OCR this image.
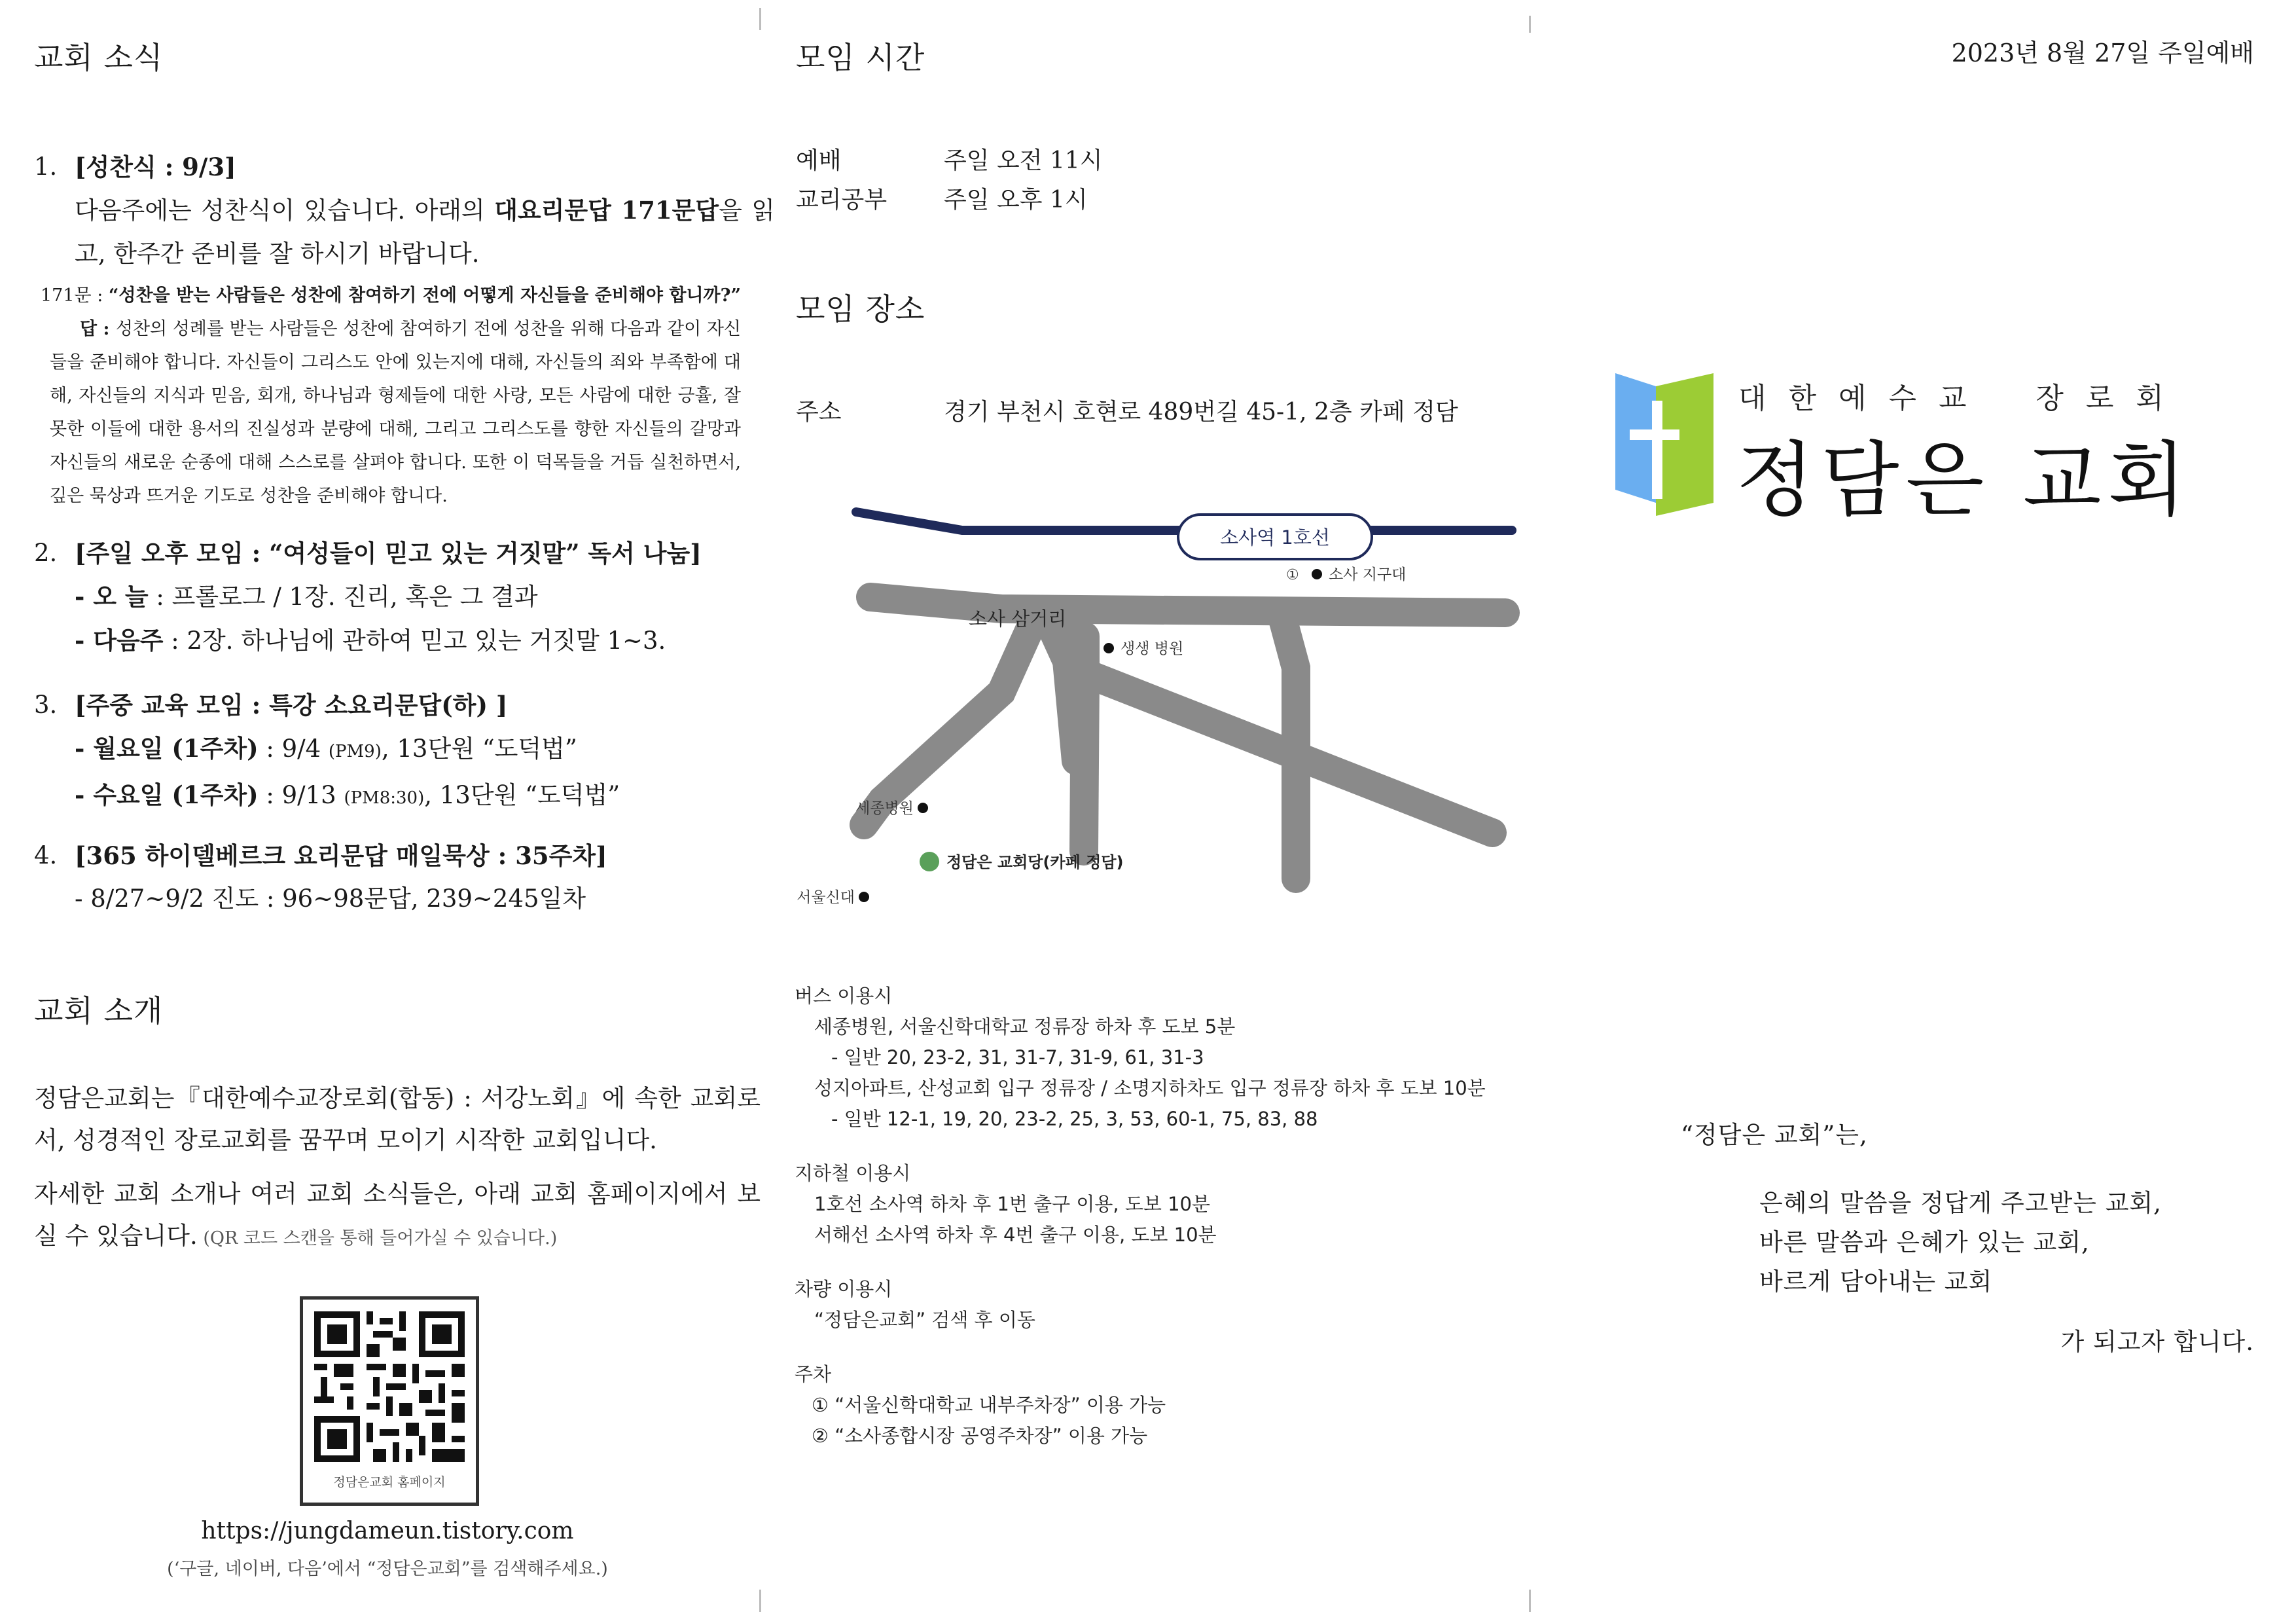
교회 소식
1. [성찬식 : 9/3]
다음주에는 성찬식이 있습니다. 아래의 대요리문답 171문답을 읽고, 한주간 준비를 잘 하시기 바랍니다.
171문 : “성찬을 받는 사람들은 성찬에 참여하기 전에 어떻게 자신들을 준비해야 합니까?”
답 : 성찬의 성례를 받는 사람들은 성찬에 참여하기 전에 성찬을 위해 다음과 같이 자신들을 준비해야 합니다. 자신들이 그리스도 안에 있는지에 대해, 자신들의 죄와 부족함에 대해, 자신들의 지식과 믿음, 회개, 하나님과 형제들에 대한 사랑, 모든 사람에 대한 긍휼, 잘못한 이들에 대한 용서의 진실성과 분량에 대해, 그리고 그리스도를 향한 자신들의 갈망과 자신들의 새로운 순종에 대해 스스로를 살펴야 합니다. 또한 이 덕목들을 거듭 실천하면서, 깊은 묵상과 뜨거운 기도로 성찬을 준비해야 합니다.
2. [주일 오후 모임 : “여성들이 믿고 있는 거짓말” 독서 나눔]
- 오 늘 : 프롤로그 / 1장. 진리, 혹은 그 결과
- 다음주 : 2장. 하나님에 관하여 믿고 있는 거짓말 1~3.
3. [주중 교육 모임 : 특강 소요리문답(하) ]
- 월요일 (1주차) : 9/4 (PM9), 13단원 “도덕법”
- 수요일 (1주차) : 9/13 (PM8:30), 13단원 “도덕법”
4. [365 하이델베르크 요리문답 매일묵상 : 35주차]
- 8/27~9/2 진도 : 96~98문답, 239~245일차
교회 소개
정담은교회는『대한예수교장로회(합동) : 서강노회』에 속한 교회로서, 성경적인 장로교회를 꿈꾸며 모이기 시작한 교회입니다.
자세한 교회 소개나 여러 교회 소식들은, 아래 교회 홈페이지에서 보실 수 있습니다. (QR 코드 스캔을 통해 들어가실 수 있습니다.)
정담은교회 홈페이지
https://jungdameun.tistory.com
(‘구글, 네이버, 다음’에서 “정담은교회”를 검색해주세요.)
모임 시간
예배	주일 오전 11시
교리공부 주일 오후 1시
모임 장소
주소	경기 부천시 호현로 489번길 45-1, 2층 카페 정담
소사역 1호선
① 소사 지구대
소사 삼거리
생생 병원
세종병원
정담은 교회당(카페 정담)
서울신대
버스 이용시
세종병원, 서울신학대학교 정류장 하차 후 도보 5분
- 일반 20, 23-2, 31, 31-7, 31-9, 61, 31-3
성지아파트, 산성교회 입구 정류장 / 소명지하차도 입구 정류장 하차 후 도보 10분
- 일반 12-1, 19, 20, 23-2, 25, 3, 53, 60-1, 75, 83, 88
지하철 이용시
1호선 소사역 하차 후 1번 출구 이용, 도보 10분
서해선 소사역 하차 후 4번 출구 이용, 도보 10분
차량 이용시
“정담은교회” 검색 후 이동
주차
① “서울신학대학교 내부주차장” 이용 가능
② “소사종합시장 공영주차장” 이용 가능
2023년 8월 27일 주일예배
대 한 예 수 교    장 로 회
정담은 교회
“정담은 교회”는,
은혜의 말씀을 정답게 주고받는 교회,
바른 말씀과 은혜가 있는 교회,
바르게 담아내는 교회
가 되고자 합니다.
